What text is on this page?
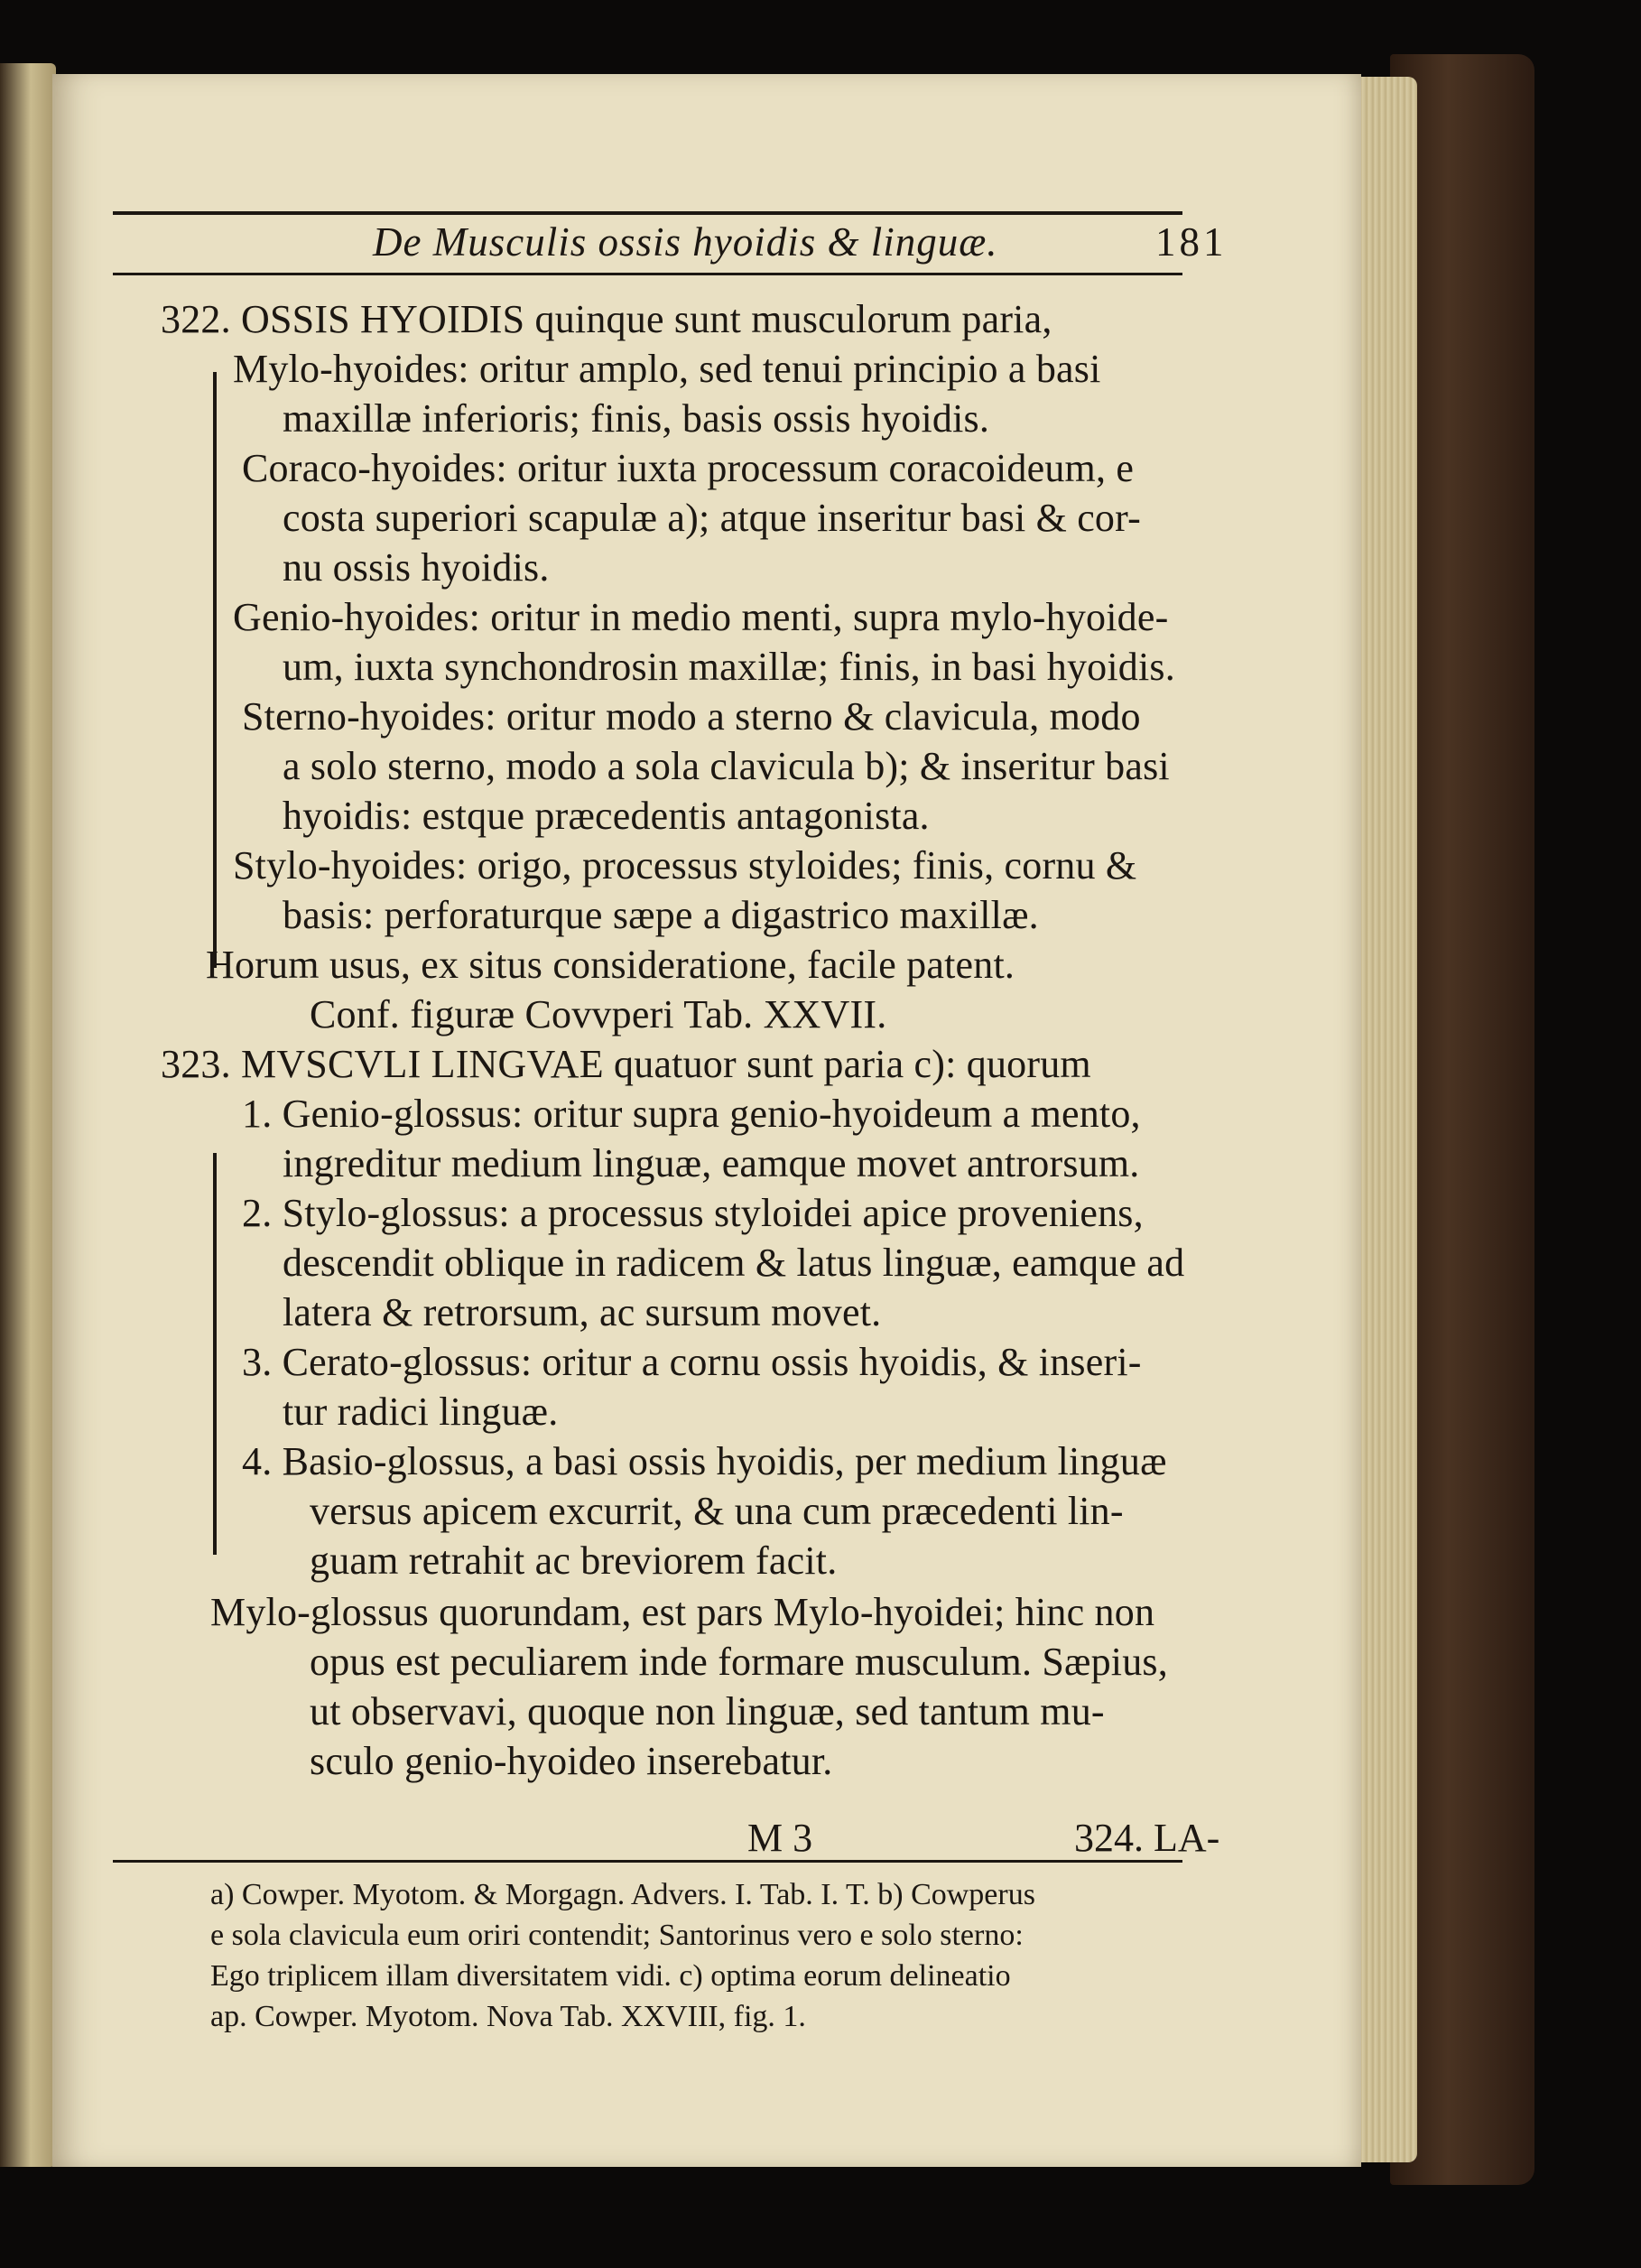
De Musculis ossis hyoidis & linguæ.	181
322. OSSIS HYOIDIS quinque sunt musculorum paria,
Mylo-hyoides: oritur amplo, sed tenui principio a basi
maxillæ inferioris; finis, basis ossis hyoidis.
Coraco-hyoides: oritur iuxta processum coracoideum, e
costa superiori scapulæ a); atque inseritur basi & cor-
nu ossis hyoidis.
Genio-hyoides: oritur in medio menti, supra mylo-hyoide-
um, iuxta synchondrosin maxillæ; finis, in basi hyoidis.
Sterno-hyoides: oritur modo a sterno & clavicula, modo
a solo sterno, modo a sola clavicula b); & inseritur basi
hyoidis: estque præcedentis antagonista.
Stylo-hyoides: origo, processus styloides; finis, cornu &
basis: perforaturque sæpe a digastrico maxillæ.
Horum usus, ex situs consideratione, facile patent.
Conf. figuræ Covvperi Tab. XXVII.
323. MVSCVLI LINGVAE quatuor sunt paria c): quorum
1. Genio-glossus: oritur supra genio-hyoideum a mento,
ingreditur medium linguæ, eamque movet antrorsum.
2. Stylo-glossus: a processus styloidei apice proveniens,
descendit oblique in radicem & latus linguæ, eamque ad
latera & retrorsum, ac sursum movet.
3. Cerato-glossus: oritur a cornu ossis hyoidis, & inseri-
tur radici linguæ.
4. Basio-glossus, a basi ossis hyoidis, per medium linguæ
versus apicem excurrit, & una cum præcedenti lin-
guam retrahit ac breviorem facit.
Mylo-glossus quorundam, est pars Mylo-hyoidei; hinc non
opus est peculiarem inde formare musculum. Sæpius,
ut observavi, quoque non linguæ, sed tantum mu-
sculo genio-hyoideo inserebatur.
M 3	324. LA-
a) Cowper. Myotom. & Morgagn. Advers. I. Tab. I. T. b) Cowperus
e sola clavicula eum oriri contendit; Santorinus vero e solo sterno:
Ego triplicem illam diversitatem vidi. c) optima eorum delineatio
ap. Cowper. Myotom. Nova Tab. XXVIII, fig. 1.
